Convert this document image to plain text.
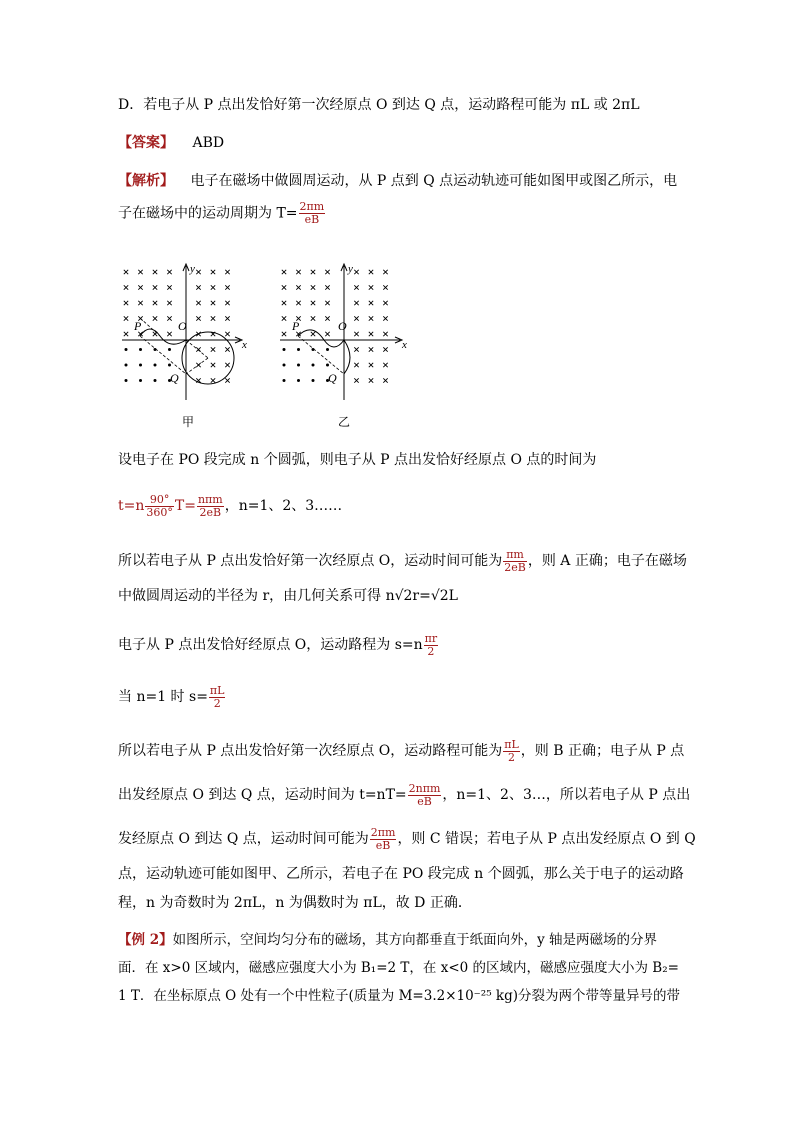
D．若电子从 P 点出发恰好第一次经原点 O 到达 Q 点，运动路程可能为 πL 或 2πL
【答案】 ABD
【解析】 电子在磁场中做圆周运动，从 P 点到 Q 点运动轨迹可能如图甲或图乙所示，电
子在磁场中的运动周期为 $T= \frac{2\pi m}{eB}$
y
x
P	O
Q
y
x
P	O
Q
甲	乙
设电子在 PO 段完成 n 个圆弧，则电子从 P 点出发恰好经原点 O 点的时间为
$t=n \frac{90^\circ}{360^\circ} T= \frac{\text{nπm}}{2eB}$ ，n=1、2、3……
所以若电子从 P 点出发恰好第一次经原点 O，运动时间可能为 $\frac{\pi m}{2eB}$ ，则 A 正确；电子在磁场
中做圆周运动的半径为 r，由几何关系可得 n√2r=√2L
电子从 P 点出发恰好经原点 O，运动路程为 $s=n \frac{\pi r}{2}$
当 n=1 时 $s= \frac{\pi L}{2}$
所以若电子从 P 点出发恰好第一次经原点 O，运动路程可能为 $\frac{\pi L}{2}$ ，则 B 正确；电子从 P 点
出发经原点 O 到达 Q 点，运动时间为 $t=nT= \frac{\text{2nπm}}{eB}$ ，n=1、2、3…，所以若电子从 P 点出
发经原点 O 到达 Q 点，运动时间可能为 $\frac{2\pi m}{eB}$ ，则 C 错误；若电子从 P 点出发经原点 O 到 Q
点，运动轨迹可能如图甲、乙所示，若电子在 PO 段完成 n 个圆弧，那么关于电子的运动路
程，n 为奇数时为 2πL，n 为偶数时为 πL，故 D 正确．
【例 2】如图所示，空间均匀分布的磁场，其方向都垂直于纸面向外，y 轴是两磁场的分界
面．在 x>0 区域内，磁感应强度大小为 B₁=2 T，在 x<0 的区域内，磁感应强度大小为 B₂=
1 T．在坐标原点 O 处有一个中性粒子(质量为 M=3.2×10⁻²⁵ kg)分裂为两个带等量异号的带
